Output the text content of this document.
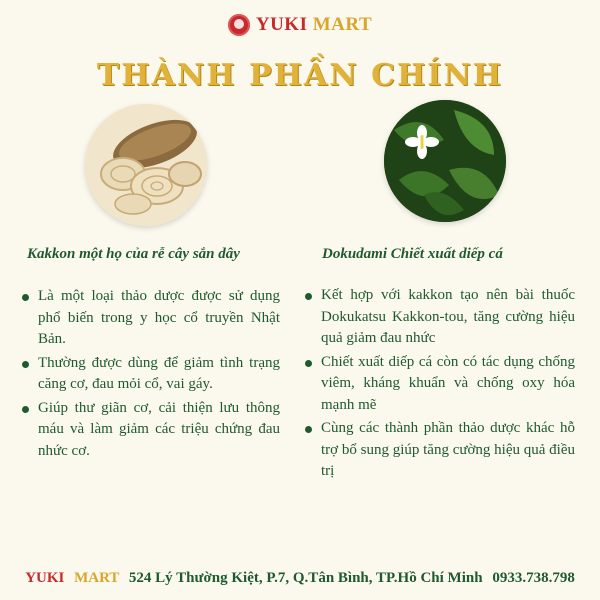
YUKI MART
THÀNH PHẦN CHÍNH
Kakkon một họ của rễ cây sắn dây	Dokudami Chiết xuất diếp cá
Là một loại thảo dược được sử dụng phổ biến trong y học cổ truyền Nhật Bản.
Thường được dùng để giảm tình trạng căng cơ, đau mỏi cổ, vai gáy.
Giúp thư giãn cơ, cải thiện lưu thông máu và làm giảm các triệu chứng đau nhức cơ.
Kết hợp với kakkon tạo nên bài thuốc Dokukatsu Kakkon-tou, tăng cường hiệu quả giảm đau nhức
Chiết xuất diếp cá còn có tác dụng chống viêm, kháng khuẩn và chống oxy hóa mạnh mẽ
Cùng các thành phần thảo dược khác hỗ trợ bổ sung giúp tăng cường hiệu quả điều trị
YUKI MART 524 Lý Thường Kiệt, P.7, Q.Tân Bình, TP.Hồ Chí Minh 0933.738.798
